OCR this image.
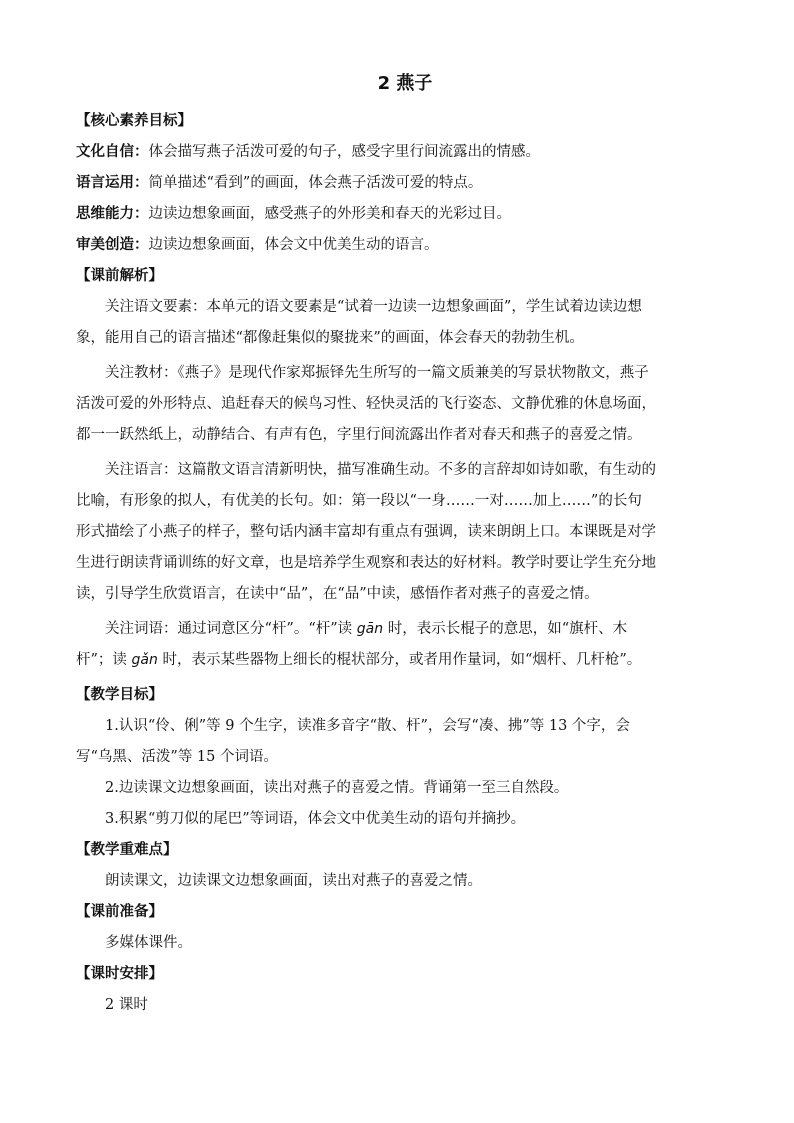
2 燕子
【核心素养目标】
文化自信：体会描写燕子活泼可爱的句子，感受字里行间流露出的情感。
语言运用：简单描述“看到”的画面，体会燕子活泼可爱的特点。
思维能力：边读边想象画面，感受燕子的外形美和春天的光彩过目。
审美创造：边读边想象画面，体会文中优美生动的语言。
【课前解析】
关注语文要素：本单元的语文要素是“试着一边读一边想象画面”，学生试着边读边想
象，能用自己的语言描述“都像赶集似的聚拢来”的画面，体会春天的勃勃生机。
关注教材：《燕子》是现代作家郑振铎先生所写的一篇文质兼美的写景状物散文，燕子
活泼可爱的外形特点、追赶春天的候鸟习性、轻快灵活的飞行姿态、文静优雅的休息场面，
都一一跃然纸上，动静结合、有声有色，字里行间流露出作者对春天和燕子的喜爱之情。
关注语言：这篇散文语言清新明快，描写准确生动。不多的言辞却如诗如歌，有生动的
比喻，有形象的拟人，有优美的长句。如：第一段以“一身……一对……加上……”的长句
形式描绘了小燕子的样子，整句话内涵丰富却有重点有强调，读来朗朗上口。本课既是对学
生进行朗读背诵训练的好文章，也是培养学生观察和表达的好材料。教学时要让学生充分地
读，引导学生欣赏语言，在读中“品”，在“品”中读，感悟作者对燕子的喜爱之情。
关注词语：通过词意区分“杆”。“杆”读 gān 时，表示长棍子的意思，如“旗杆、木
杆”；读 gǎn 时，表示某些器物上细长的棍状部分，或者用作量词，如“烟杆、几杆枪”。
【教学目标】
1.认识“伶、俐”等 9 个生字，读准多音字“散、杆”，会写“凑、拂”等 13 个字，会
写“乌黑、活泼”等 15 个词语。
2.边读课文边想象画面，读出对燕子的喜爱之情。背诵第一至三自然段。
3.积累“剪刀似的尾巴”等词语，体会文中优美生动的语句并摘抄。
【教学重难点】
朗读课文，边读课文边想象画面，读出对燕子的喜爱之情。
【课前准备】
多媒体课件。
【课时安排】
2 课时
